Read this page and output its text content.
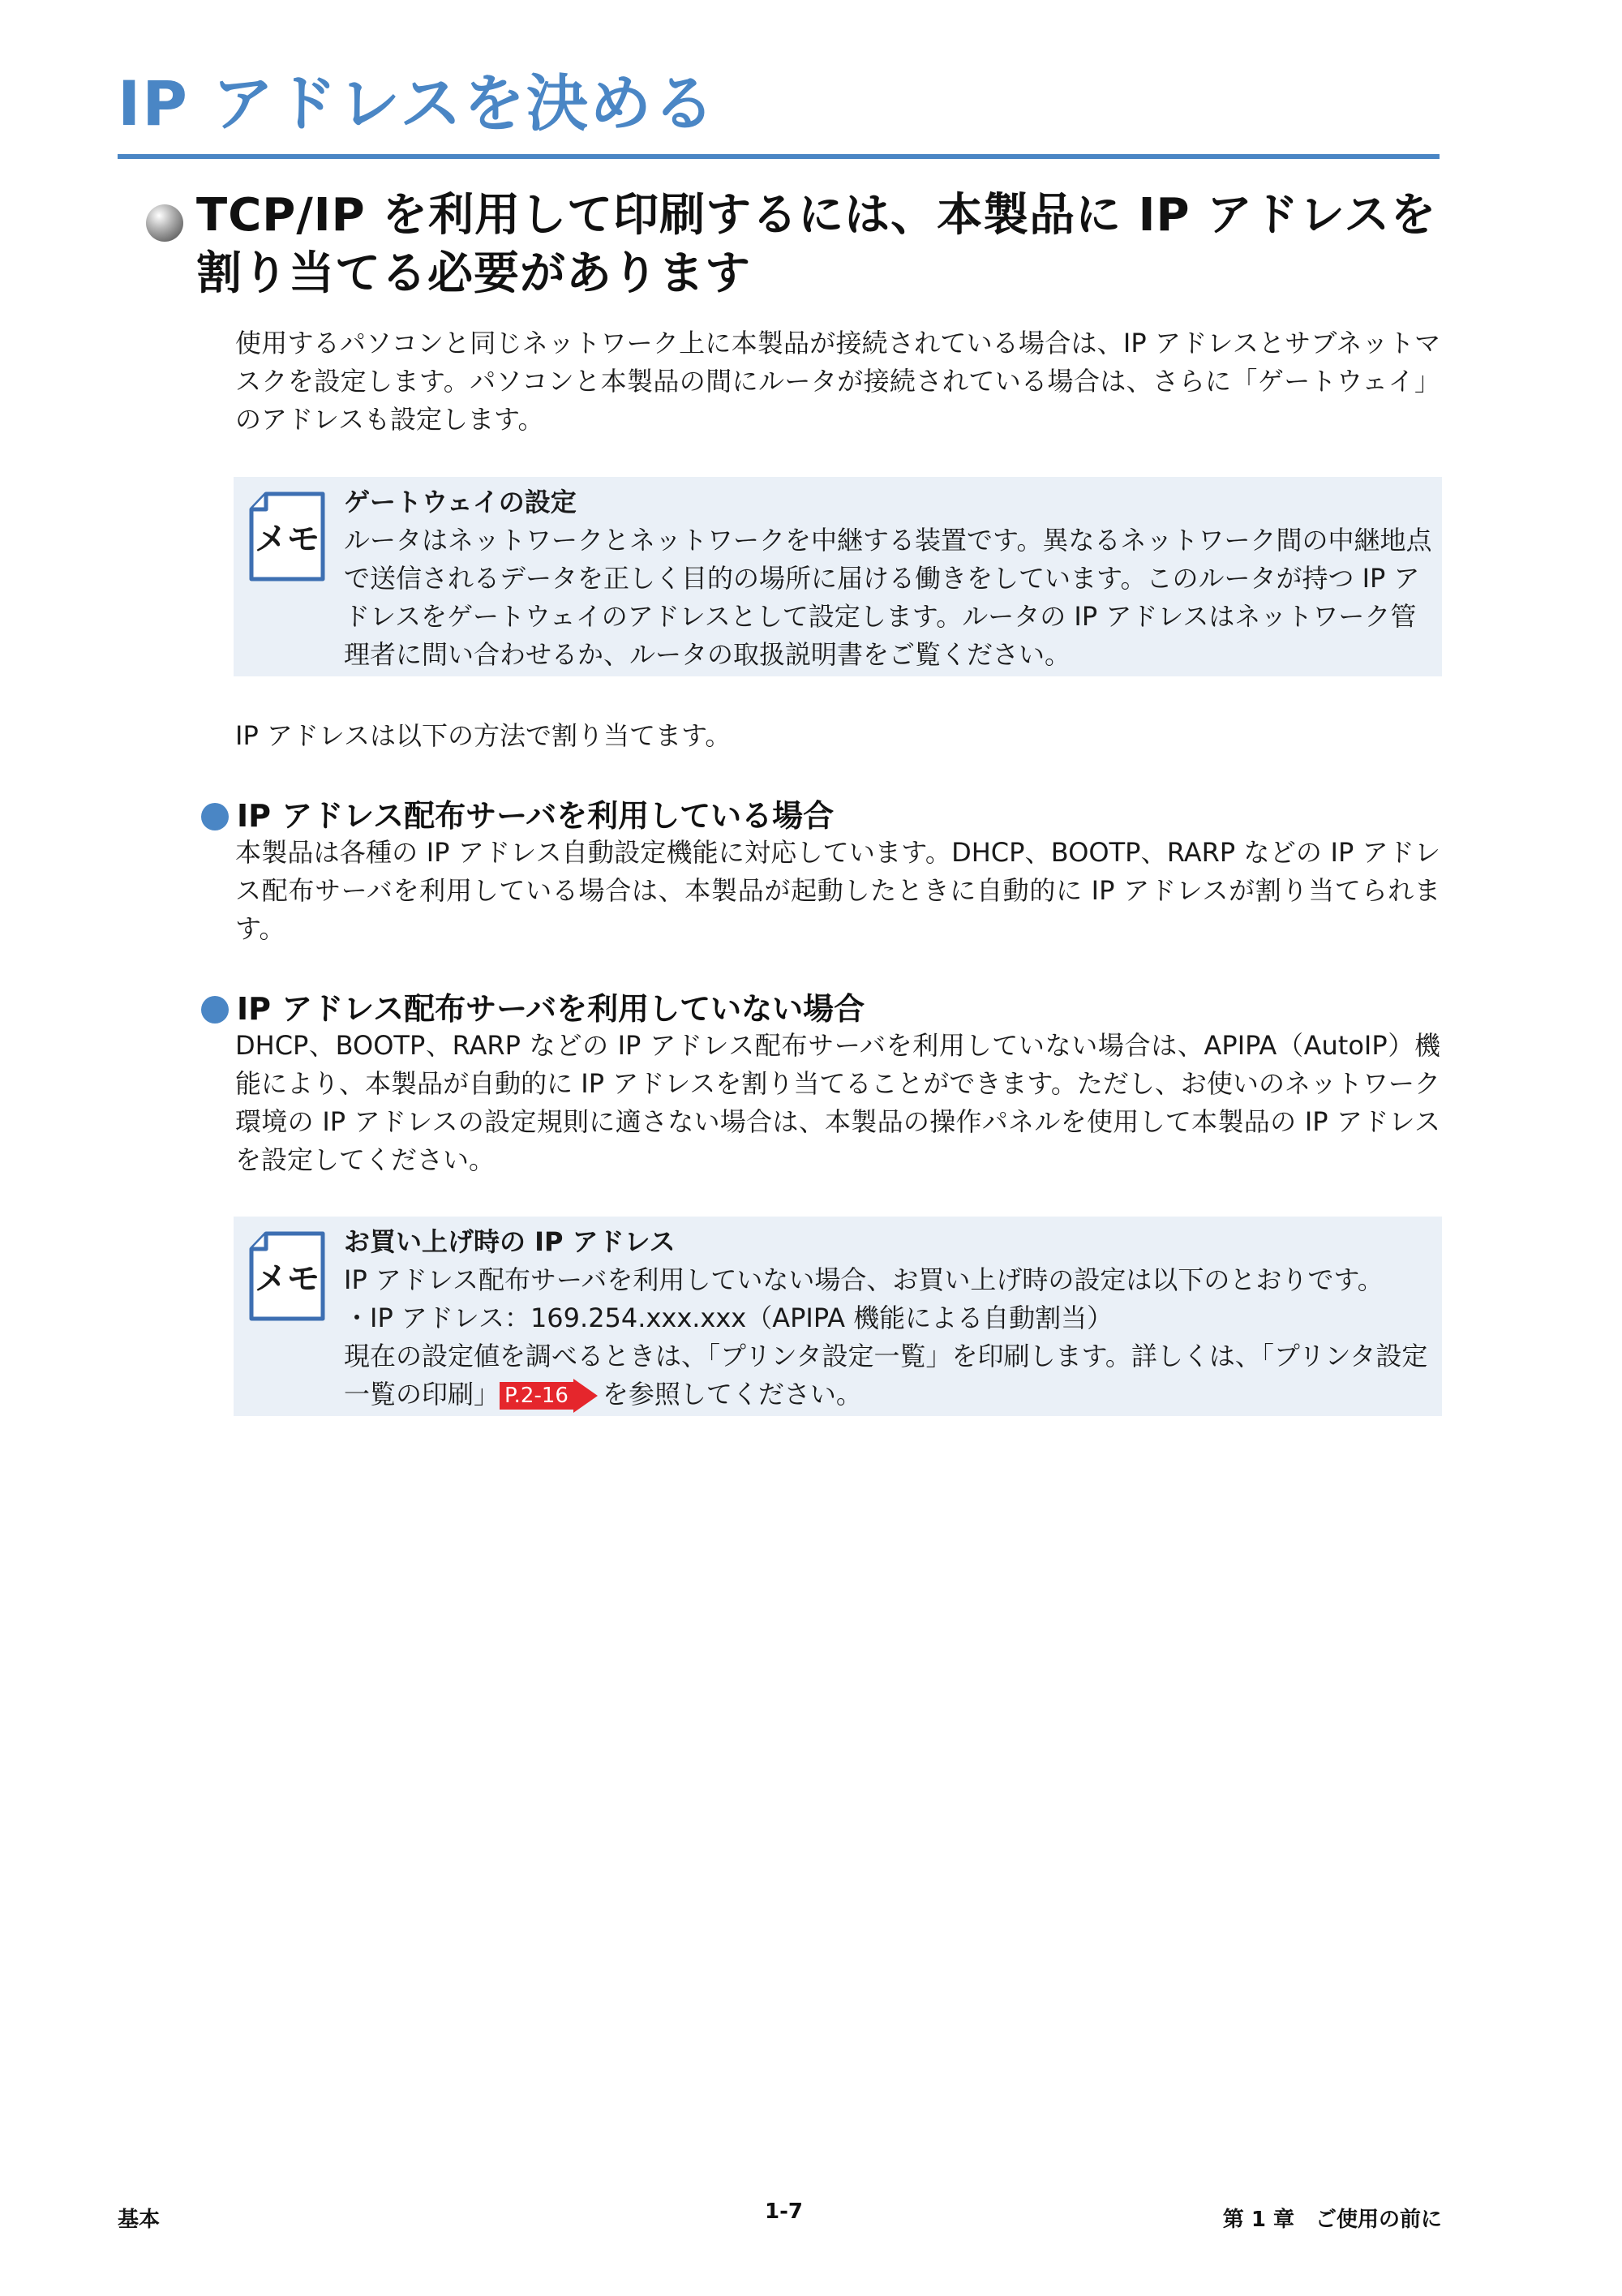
IP アドレスを決める
TCP/IP を利用して印刷するには、本製品に IP アドレスを割り当てる必要があります

使用するパソコンと同じネットワーク上に本製品が接続されている場合は、IP アドレスとサブネットマスクを設定します。パソコンと本製品の間にルータが接続されている場合は、さらに「ゲートウェイ」のアドレスも設定します。

メモ

ゲートウェイの設定

ルータはネットワークとネットワークを中継する装置です。異なるネットワーク間の中継地点で送信されるデータを正しく目的の場所に届ける働きをしています。このルータが持つ IP アドレスをゲートウェイのアドレスとして設定します。ルータの IP アドレスはネットワーク管理者に問い合わせるか、ルータの取扱説明書をご覧ください。

IP アドレスは以下の方法で割り当てます。

IP アドレス配布サーバを利用している場合

本製品は各種の IP アドレス自動設定機能に対応しています。DHCP、BOOTP、RARP などの IP アドレス配布サーバを利用している場合は、本製品が起動したときに自動的に IP アドレスが割り当てられます。

IP アドレス配布サーバを利用していない場合

DHCP、BOOTP、RARP などの IP アドレス配布サーバを利用していない場合は、APIPA（AutoIP）機能により、本製品が自動的に IP アドレスを割り当てることができます。ただし、お使いのネットワーク環境の IP アドレスの設定規則に適さない場合は、本製品の操作パネルを使用して本製品の IP アドレスを設定してください。

メモ

お買い上げ時の IP アドレス

IP アドレス配布サーバを利用していない場合、お買い上げ時の設定は以下のとおりです。

・IP アドレス：169.254.xxx.xxx（APIPA 機能による自動割当）

現在の設定値を調べるときは、「プリンタ設定一覧」を印刷します。詳しくは、「プリンタ設定一覧の印刷」 P.2-16 を参照してください。

基本	1-7	第 1 章　ご使用の前に
